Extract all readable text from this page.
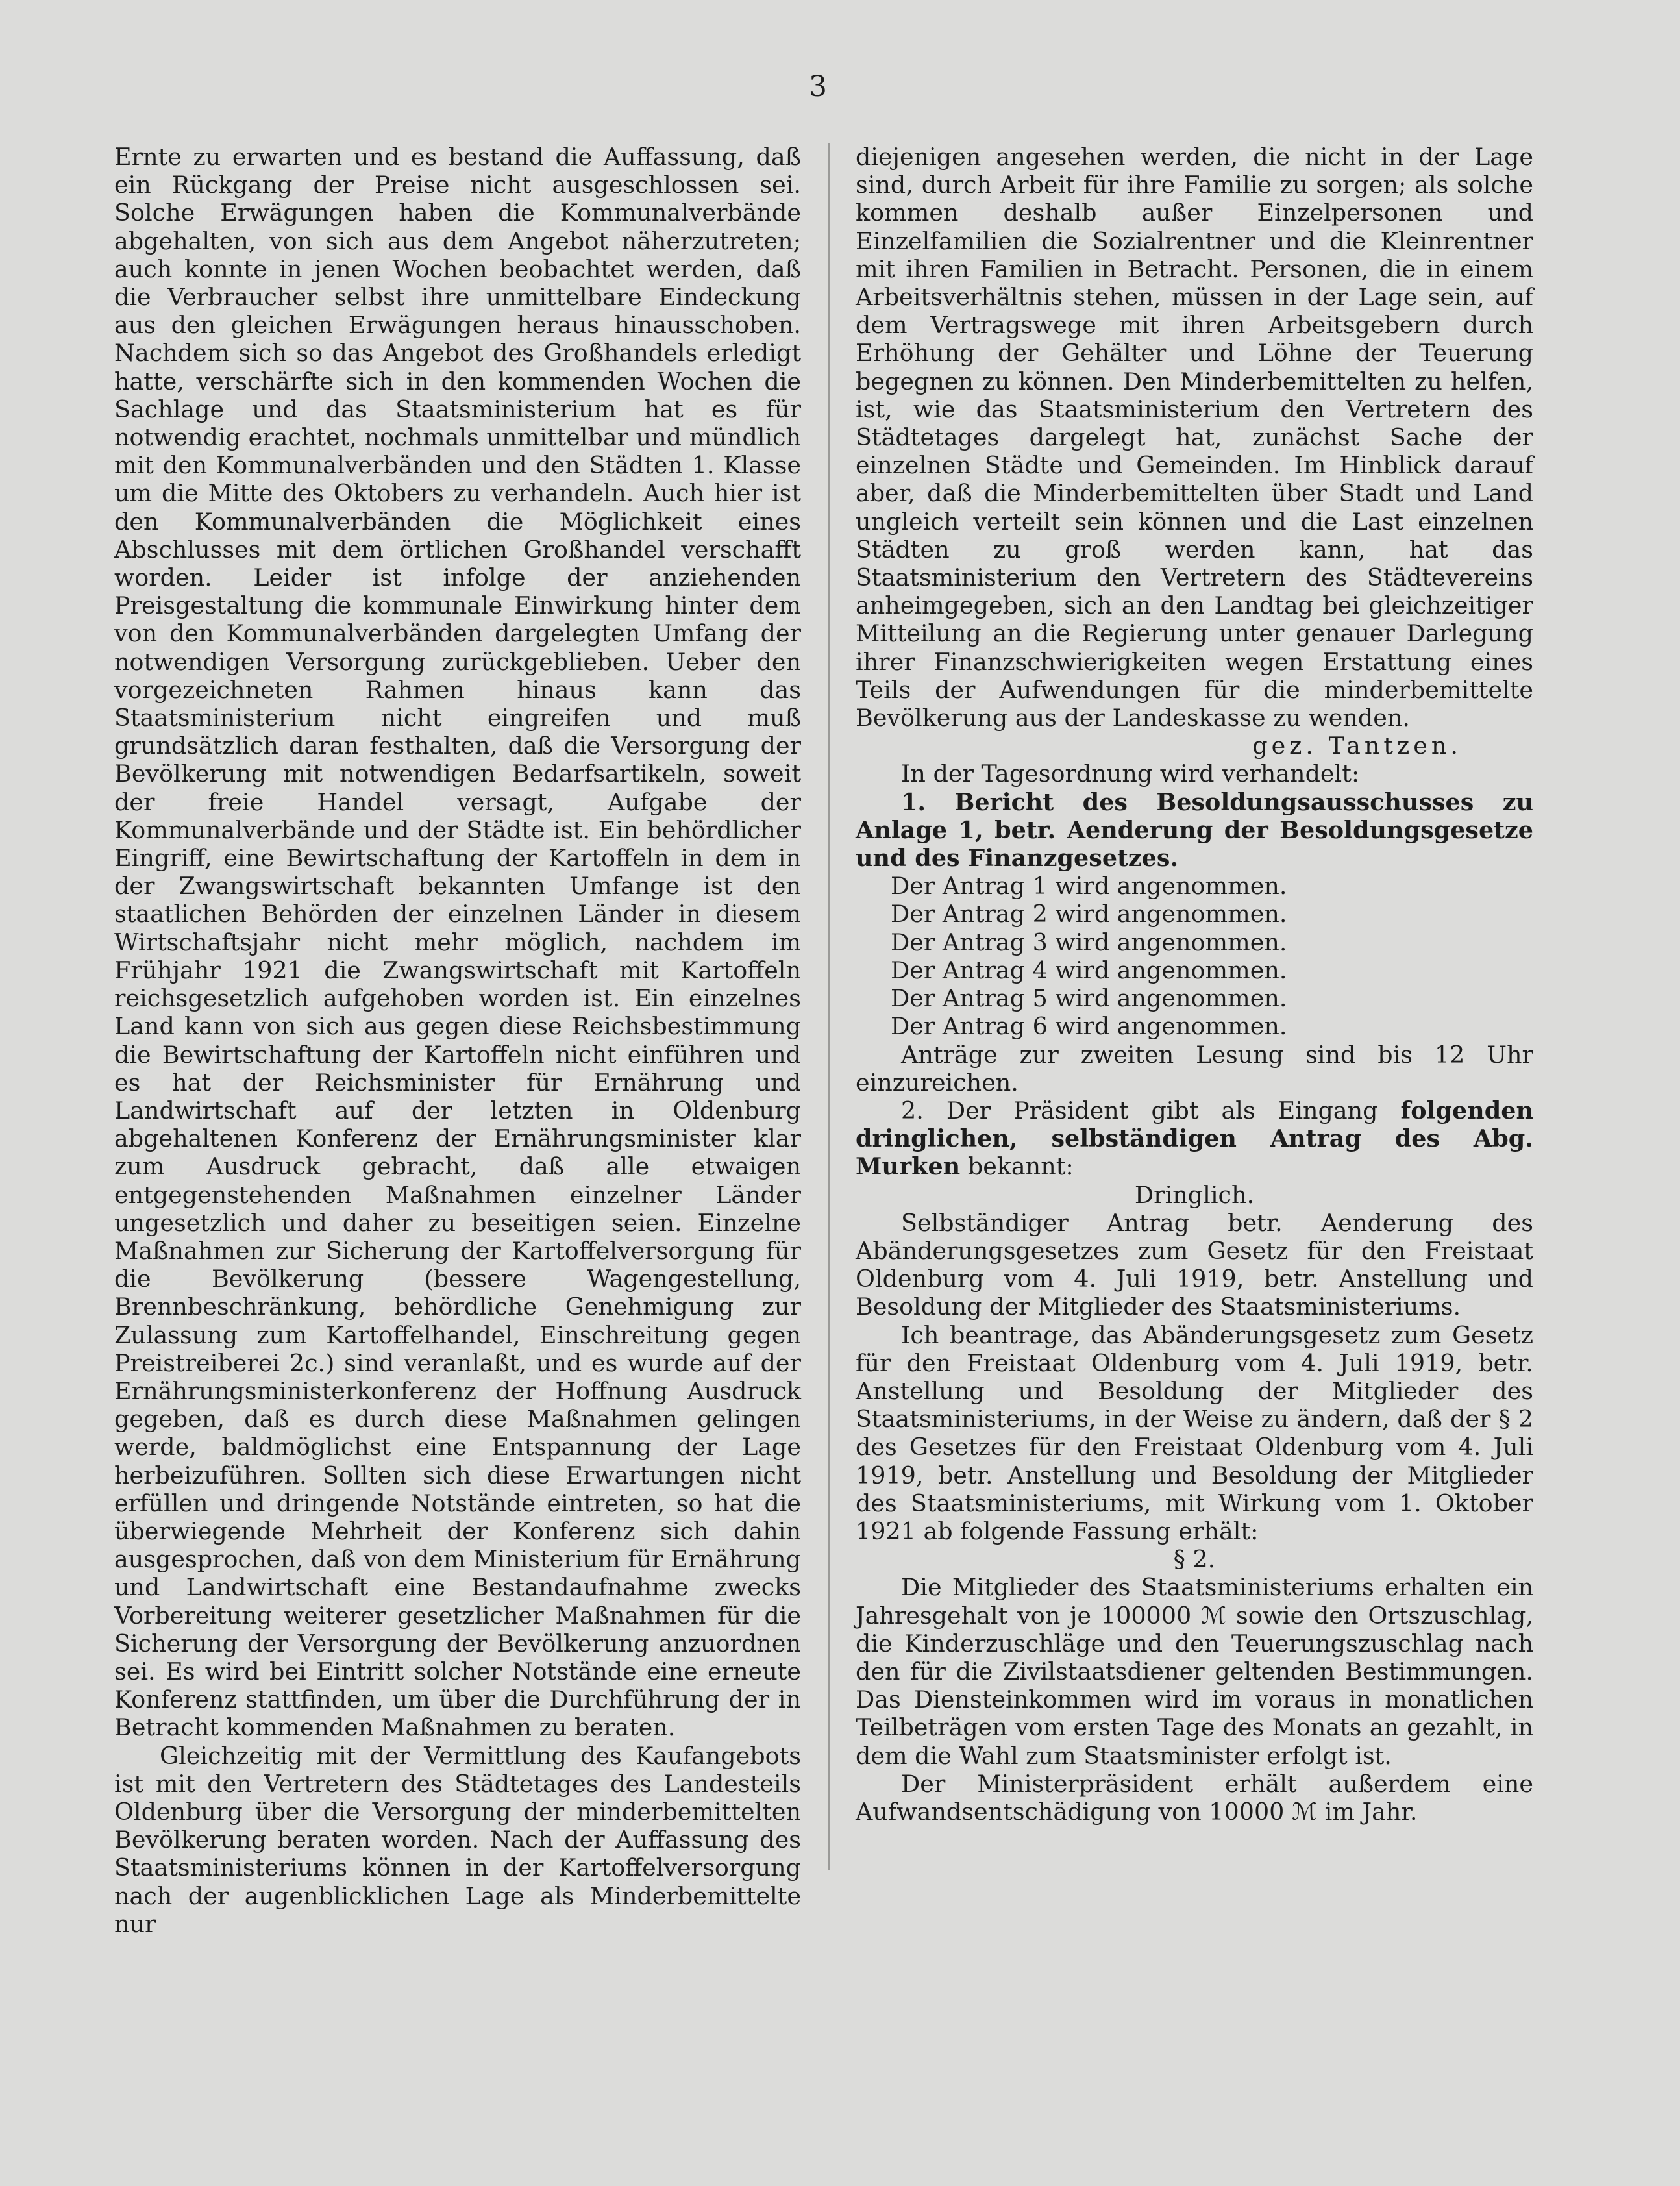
3

Ernte zu erwarten und es bestand die Auffassung, daß ein Rückgang der Preise nicht ausgeschlossen sei. Solche Erwägungen haben die Kommunalverbände abgehalten, von sich aus dem Angebot näherzutreten; auch konnte in jenen Wochen beobachtet werden, daß die Verbraucher selbst ihre unmittelbare Eindeckung aus den gleichen Erwägungen heraus hinausschoben. Nachdem sich so das Angebot des Großhandels erledigt hatte, verschärfte sich in den kommenden Wochen die Sachlage und das Staatsministerium hat es für notwendig erachtet, nochmals unmittelbar und mündlich mit den Kommunalverbänden und den Städten 1. Klasse um die Mitte des Oktobers zu verhandeln. Auch hier ist den Kommunalverbänden die Möglichkeit eines Abschlusses mit dem örtlichen Großhandel verschafft worden. Leider ist infolge der anziehenden Preisgestaltung die kommunale Einwirkung hinter dem von den Kommunalverbänden dargelegten Umfang der notwendigen Versorgung zurückgeblieben. Ueber den vorgezeichneten Rahmen hinaus kann das Staatsministerium nicht eingreifen und muß grundsätzlich daran festhalten, daß die Versorgung der Bevölkerung mit notwendigen Bedarfsartikeln, soweit der freie Handel versagt, Aufgabe der Kommunalverbände und der Städte ist. Ein behördlicher Eingriff, eine Bewirtschaftung der Kartoffeln in dem in der Zwangswirtschaft bekannten Umfange ist den staatlichen Behörden der einzelnen Länder in diesem Wirtschaftsjahr nicht mehr möglich, nachdem im Frühjahr 1921 die Zwangswirtschaft mit Kartoffeln reichsgesetzlich aufgehoben worden ist. Ein einzelnes Land kann von sich aus gegen diese Reichsbestimmung die Bewirtschaftung der Kartoffeln nicht einführen und es hat der Reichsminister für Ernährung und Landwirtschaft auf der letzten in Oldenburg abgehaltenen Konferenz der Ernährungsminister klar zum Ausdruck gebracht, daß alle etwaigen entgegenstehenden Maßnahmen einzelner Länder ungesetzlich und daher zu beseitigen seien. Einzelne Maßnahmen zur Sicherung der Kartoffelversorgung für die Bevölkerung (bessere Wagengestellung, Brennbeschränkung, behördliche Genehmigung zur Zulassung zum Kartoffelhandel, Einschreitung gegen Preistreiberei 2c.) sind veranlaßt, und es wurde auf der Ernährungsministerkonferenz der Hoffnung Ausdruck gegeben, daß es durch diese Maßnahmen gelingen werde, baldmöglichst eine Entspannung der Lage herbeizuführen. Sollten sich diese Erwartungen nicht erfüllen und dringende Notstände eintreten, so hat die überwiegende Mehrheit der Konferenz sich dahin ausgesprochen, daß von dem Ministerium für Ernährung und Landwirtschaft eine Bestandaufnahme zwecks Vorbereitung weiterer gesetzlicher Maßnahmen für die Sicherung der Versorgung der Bevölkerung anzuordnen sei. Es wird bei Eintritt solcher Notstände eine erneute Konferenz stattfinden, um über die Durchführung der in Betracht kommenden Maßnahmen zu beraten.

Gleichzeitig mit der Vermittlung des Kaufangebots ist mit den Vertretern des Städtetages des Landesteils Oldenburg über die Versorgung der minderbemittelten Bevölkerung beraten worden. Nach der Auffassung des Staatsministeriums können in der Kartoffelversorgung nach der augenblicklichen Lage als Minderbemittelte nur

diejenigen angesehen werden, die nicht in der Lage sind, durch Arbeit für ihre Familie zu sorgen; als solche kommen deshalb außer Einzelpersonen und Einzelfamilien die Sozialrentner und die Kleinrentner mit ihren Familien in Betracht. Personen, die in einem Arbeitsverhältnis stehen, müssen in der Lage sein, auf dem Vertragswege mit ihren Arbeitsgebern durch Erhöhung der Gehälter und Löhne der Teuerung begegnen zu können. Den Minderbemittelten zu helfen, ist, wie das Staatsministerium den Vertretern des Städtetages dargelegt hat, zunächst Sache der einzelnen Städte und Gemeinden. Im Hinblick darauf aber, daß die Minderbemittelten über Stadt und Land ungleich verteilt sein können und die Last einzelnen Städten zu groß werden kann, hat das Staatsministerium den Vertretern des Städtevereins anheimgegeben, sich an den Landtag bei gleichzeitiger Mitteilung an die Regierung unter genauer Darlegung ihrer Finanzschwierigkeiten wegen Erstattung eines Teils der Aufwendungen für die minderbemittelte Bevölkerung aus der Landeskasse zu wenden.

gez. Tantzen.

In der Tagesordnung wird verhandelt:

1. Bericht des Besoldungsausschusses zu Anlage 1, betr. Aenderung der Besoldungsgesetze und des Finanzgesetzes.

Der Antrag 1 wird angenommen.

Der Antrag 2 wird angenommen.

Der Antrag 3 wird angenommen.

Der Antrag 4 wird angenommen.

Der Antrag 5 wird angenommen.

Der Antrag 6 wird angenommen.

Anträge zur zweiten Lesung sind bis 12 Uhr einzureichen.

2. Der Präsident gibt als Eingang folgenden dringlichen, selbständigen Antrag des Abg. Murken bekannt:

Dringlich.

Selbständiger Antrag betr. Aenderung des Abänderungsgesetzes zum Gesetz für den Freistaat Oldenburg vom 4. Juli 1919, betr. Anstellung und Besoldung der Mitglieder des Staatsministeriums.

Ich beantrage, das Abänderungsgesetz zum Gesetz für den Freistaat Oldenburg vom 4. Juli 1919, betr. Anstellung und Besoldung der Mitglieder des Staatsministeriums, in der Weise zu ändern, daß der § 2 des Gesetzes für den Freistaat Oldenburg vom 4. Juli 1919, betr. Anstellung und Besoldung der Mitglieder des Staatsministeriums, mit Wirkung vom 1. Oktober 1921 ab folgende Fassung erhält:

§ 2.

Die Mitglieder des Staatsministeriums erhalten ein Jahresgehalt von je 100000 ℳ sowie den Ortszuschlag, die Kinderzuschläge und den Teuerungszuschlag nach den für die Zivilstaatsdiener geltenden Bestimmungen. Das Diensteinkommen wird im voraus in monatlichen Teilbeträgen vom ersten Tage des Monats an gezahlt, in dem die Wahl zum Staatsminister erfolgt ist.

Der Ministerpräsident erhält außerdem eine Aufwandsentschädigung von 10000 ℳ im Jahr.
